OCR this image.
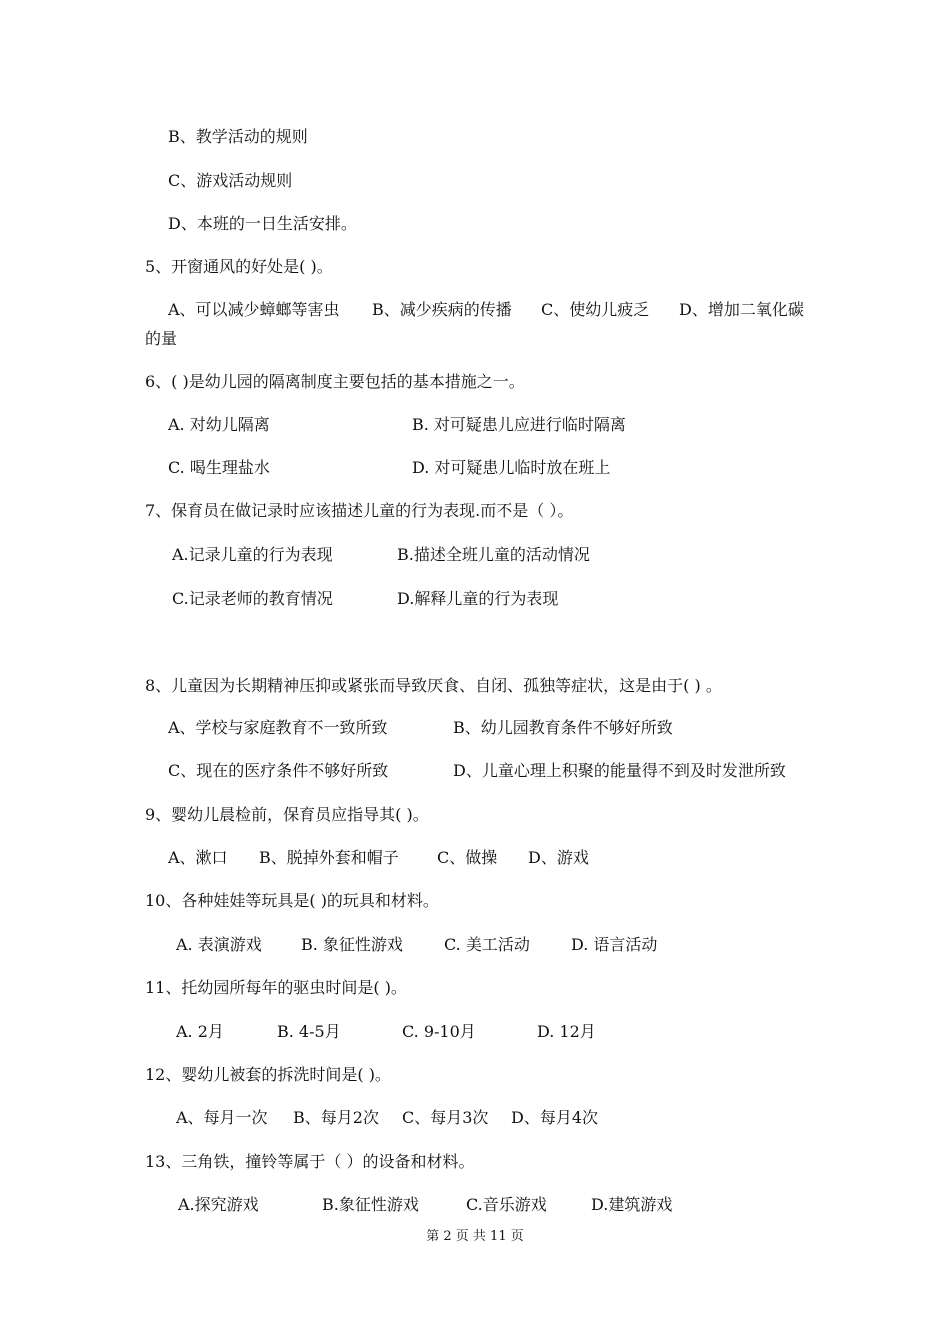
B、教学活动的规则
C、游戏活动规则
D、本班的一日生活安排。
5、开窗通风的好处是( )。
A、可以减少蟑螂等害虫 B、减少疾病的传播 C、使幼儿疲乏 D、增加二氧化碳
的量
6、( )是幼儿园的隔离制度主要包括的基本措施之一。
A. 对幼儿隔离	B. 对可疑患儿应进行临时隔离
C. 喝生理盐水	D. 对可疑患儿临时放在班上
7、保育员在做记录时应该描述儿童的行为表现.而不是（ ）。
A.记录儿童的行为表现	B.描述全班儿童的活动情况
C.记录老师的教育情况	D.解释儿童的行为表现
8、儿童因为长期精神压抑或紧张而导致厌食、自闭、孤独等症状，这是由于( ) 。
A、学校与家庭教育不一致所致	B、幼儿园教育条件不够好所致
C、现在的医疗条件不够好所致	D、儿童心理上积聚的能量得不到及时发泄所致
9、婴幼儿晨检前，保育员应指导其( )。
A、漱口 B、脱掉外套和帽子 C、做操 D、游戏
10、各种娃娃等玩具是( )的玩具和材料。
A. 表演游戏 B. 象征性游戏	C. 美工活动	D. 语言活动
11、托幼园所每年的驱虫时间是( )。
A. 2月	B. 4-5月	C. 9-10月	D. 12月
12、婴幼儿被套的拆洗时间是( )。
A、每月一次 B、每月2次 C、每月3次 D、每月4次
13、三角铁，撞铃等属于（ ）的设备和材料。
A.探究游戏	B.象征性游戏	C.音乐游戏	D.建筑游戏
第 2 页 共 11 页
